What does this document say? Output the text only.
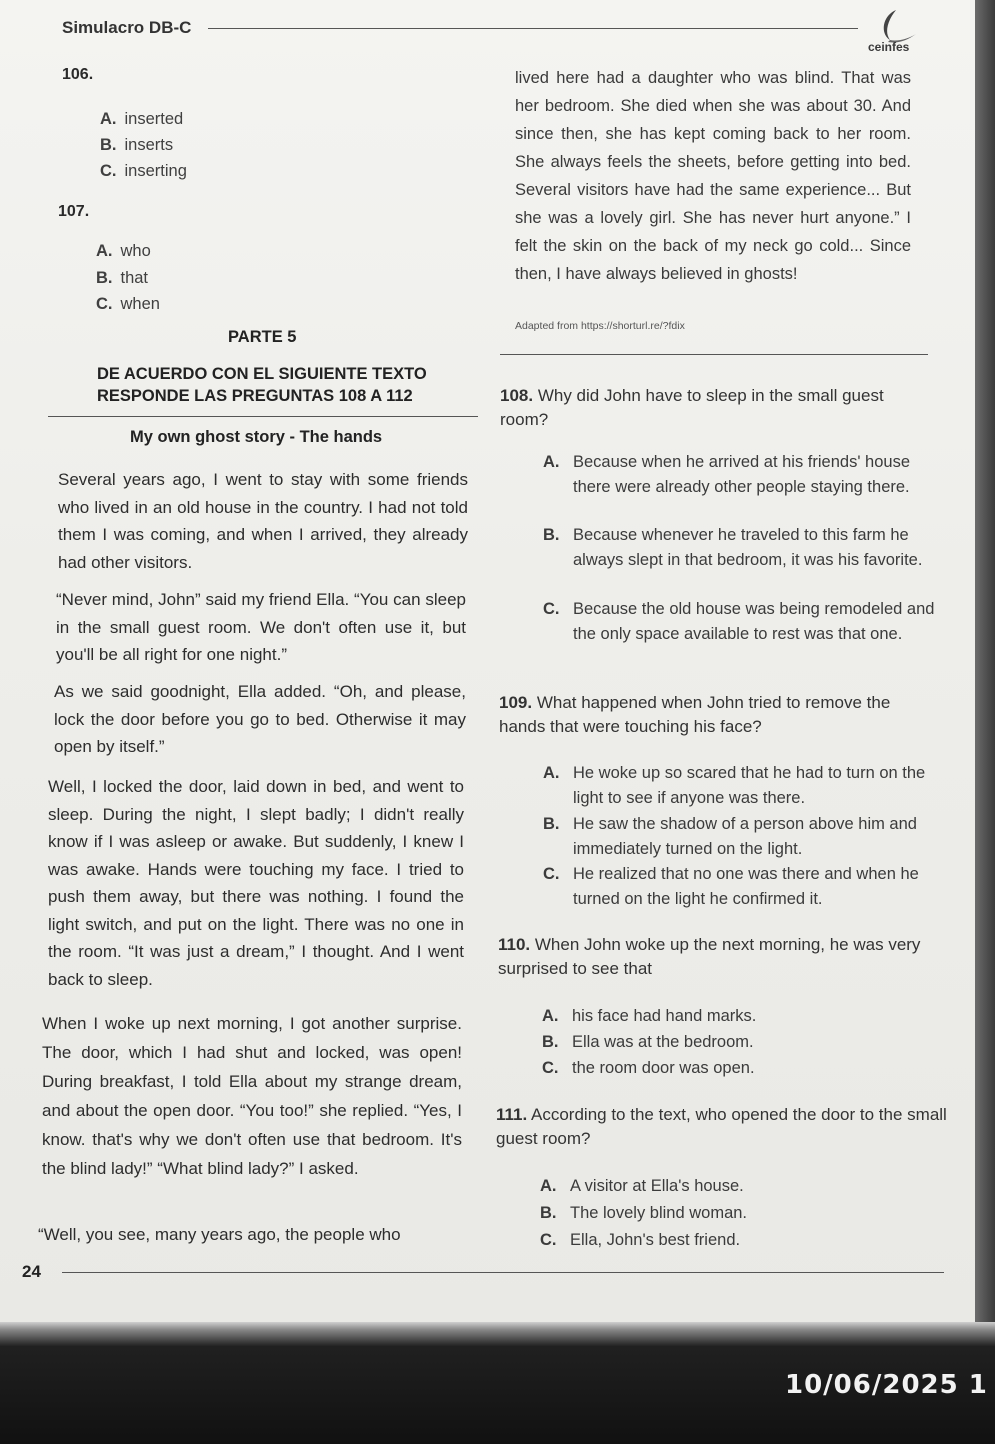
Simulacro DB-C
ceinfes
106.
A. inserted
B. inserts
C. inserting
107.
A. who
B. that
C. when
PARTE 5
DE ACUERDO CON EL SIGUIENTE TEXTO
RESPONDE LAS PREGUNTAS 108 A 112
My own ghost story - The hands
Several years ago, I went to stay with some friends who lived in an old house in the country. I had not told them I was coming, and when I arrived, they already had other visitors.
“Never mind, John” said my friend Ella. “You can sleep in the small guest room. We don't often use it, but you'll be all right for one night.”
As we said goodnight, Ella added. “Oh, and please, lock the door before you go to bed. Otherwise it may open by itself.”
Well, I locked the door, laid down in bed, and went to sleep. During the night, I slept badly; I didn't really know if I was asleep or awake. But suddenly, I knew I was awake. Hands were touching my face. I tried to push them away, but there was nothing. I found the light switch, and put on the light. There was no one in the room. “It was just a dream,” I thought. And I went back to sleep.
When I woke up next morning, I got another surprise. The door, which I had shut and locked, was open! During breakfast, I told Ella about my strange dream, and about the open door. “You too!” she replied. “Yes, I know. that's why we don't often use that bedroom. It's the blind lady!” “What blind lady?” I asked.
“Well, you see, many years ago, the people who
lived here had a daughter who was blind. That was her bedroom. She died when she was about 30. And since then, she has kept coming back to her room. She always feels the sheets, before getting into bed. Several visitors have had the same experience... But she was a lovely girl. She has never hurt anyone.” I felt the skin on the back of my neck go cold... Since then, I have always believed in ghosts!
Adapted from https://shorturl.re/?fdix
108. Why did John have to sleep in the small guest room?
A. Because when he arrived at his friends' house there were already other people staying there.
B. Because whenever he traveled to this farm he always slept in that bedroom, it was his favorite.
C. Because the old house was being remodeled and the only space available to rest was that one.
109. What happened when John tried to remove the hands that were touching his face?
A. He woke up so scared that he had to turn on the light to see if anyone was there.
B. He saw the shadow of a person above him and immediately turned on the light.
C. He realized that no one was there and when he turned on the light he confirmed it.
110. When John woke up the next morning, he was very surprised to see that
A. his face had hand marks.
B. Ella was at the bedroom.
C. the room door was open.
111. According to the text, who opened the door to the small guest room?
A. A visitor at Ella's house.
B. The lovely blind woman.
C. Ella, John's best friend.
24
10/06/2025 1
